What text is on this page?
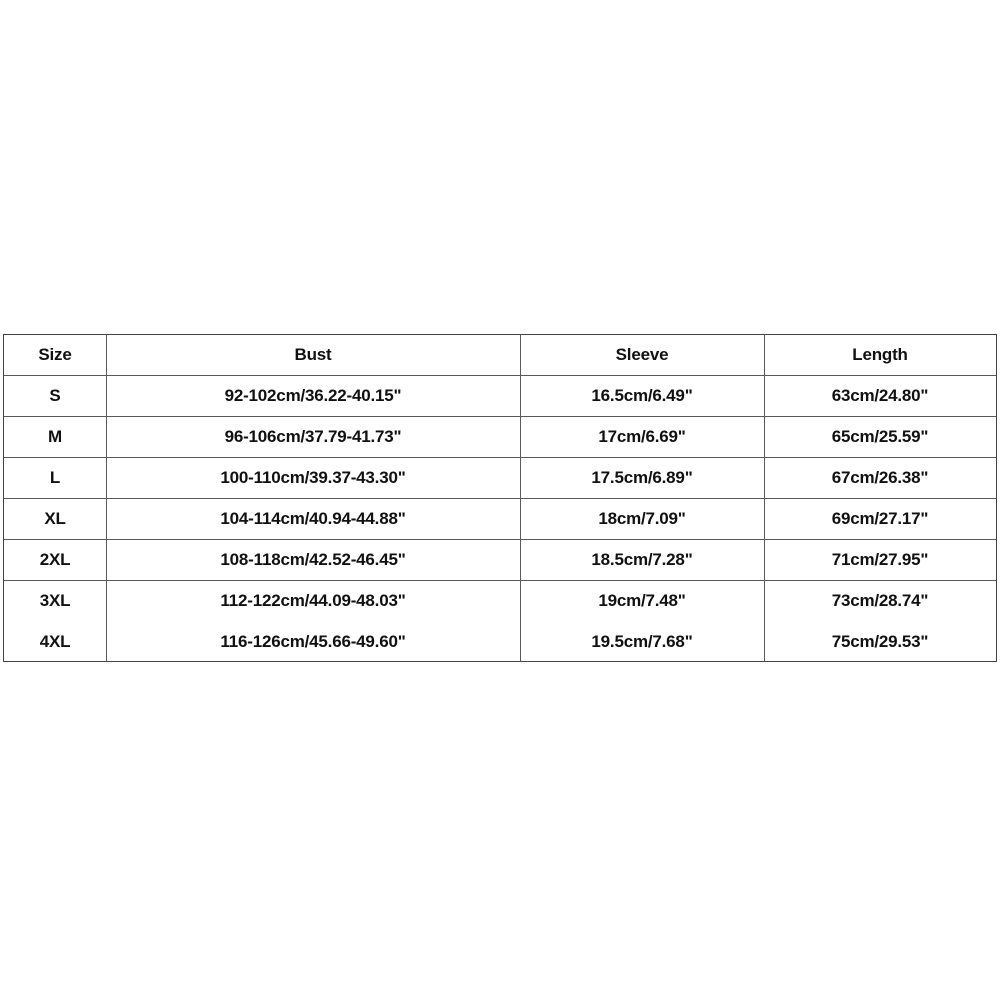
Size	Bust	Sleeve	Length
S	92-102cm/36.22-40.15"	16.5cm/6.49"	63cm/24.80"
M	96-106cm/37.79-41.73"	17cm/6.69"	65cm/25.59"
L	100-110cm/39.37-43.30"	17.5cm/6.89"	67cm/26.38"
XL	104-114cm/40.94-44.88"	18cm/7.09"	69cm/27.17"
2XL	108-118cm/42.52-46.45"	18.5cm/7.28"	71cm/27.95"
3XL	112-122cm/44.09-48.03"	19cm/7.48"	73cm/28.74"
4XL	116-126cm/45.66-49.60"	19.5cm/7.68"	75cm/29.53"
